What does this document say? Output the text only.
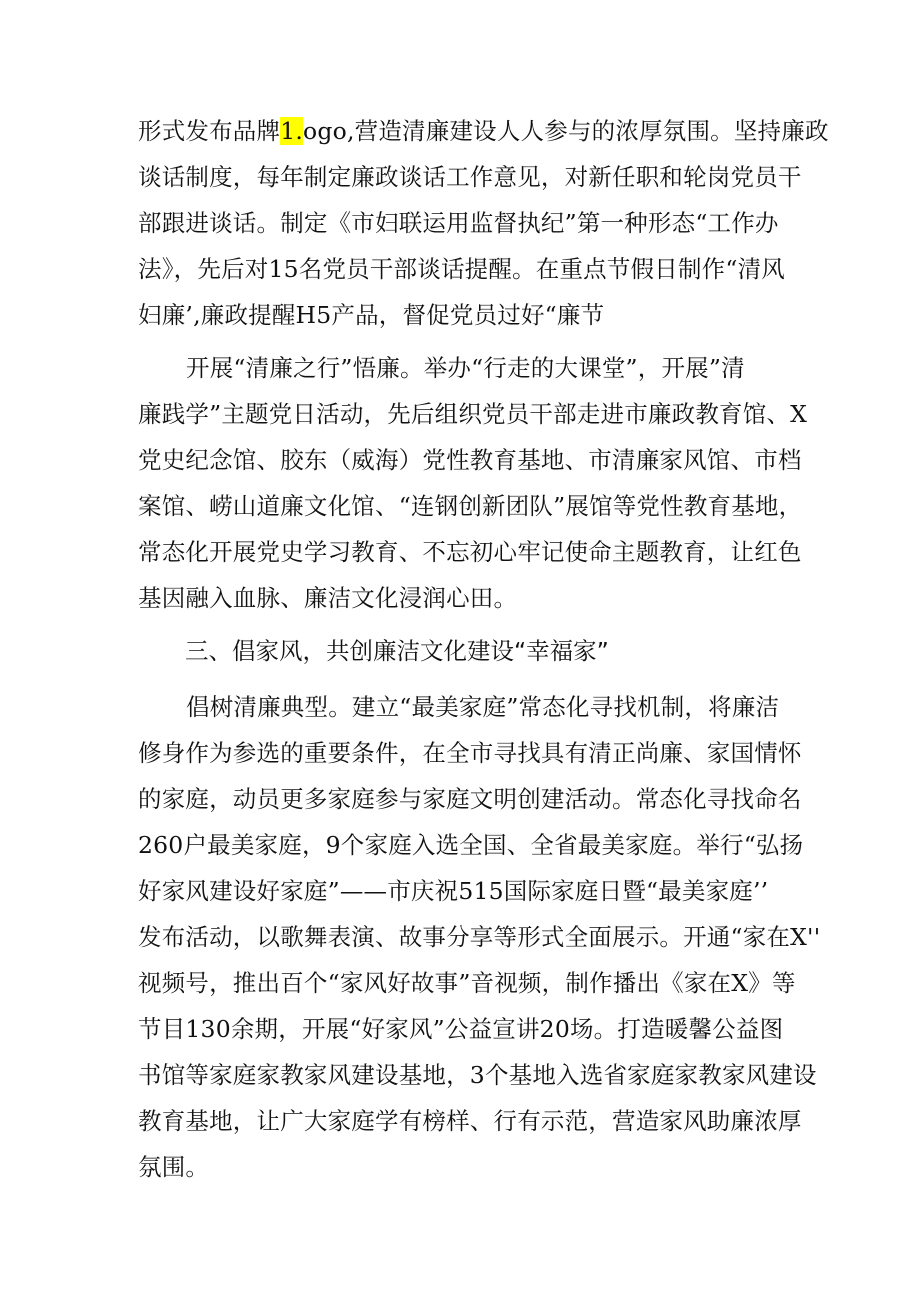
形式发布品牌1.ogo,营造清廉建设人人参与的浓厚氛围。坚持廉政
谈话制度，每年制定廉政谈话工作意见，对新任职和轮岗党员干
部跟进谈话。制定《市妇联运用监督执纪”第一种形态“工作办
法》，先后对15名党员干部谈话提醒。在重点节假日制作“清风
妇廉’,廉政提醒H5产品，督促党员过好“廉节

开展“清廉之行”悟廉。举办“行走的大课堂”，开展”清
廉践学”主题党日活动，先后组织党员干部走进市廉政教育馆、X
党史纪念馆、胶东（威海）党性教育基地、市清廉家风馆、市档
案馆、崂山道廉文化馆、“连钢创新团队”展馆等党性教育基地，
常态化开展党史学习教育、不忘初心牢记使命主题教育，让红色
基因融入血脉、廉洁文化浸润心田。

三、倡家风，共创廉洁文化建设“幸福家”

倡树清廉典型。建立“最美家庭”常态化寻找机制，将廉洁
修身作为参选的重要条件，在全市寻找具有清正尚廉、家国情怀
的家庭，动员更多家庭参与家庭文明创建活动。常态化寻找命名
260户最美家庭，9个家庭入选全国、全省最美家庭。举行“弘扬
好家风建设好家庭”——市庆祝515国际家庭日暨“最美家庭’’
发布活动，以歌舞表演、故事分享等形式全面展示。开通“家在X''
视频号，推出百个“家风好故事”音视频，制作播出《家在X》等
节目130余期，开展“好家风”公益宣讲20场。打造暖馨公益图
书馆等家庭家教家风建设基地，3个基地入选省家庭家教家风建设
教育基地，让广大家庭学有榜样、行有示范，营造家风助廉浓厚
氛围。
